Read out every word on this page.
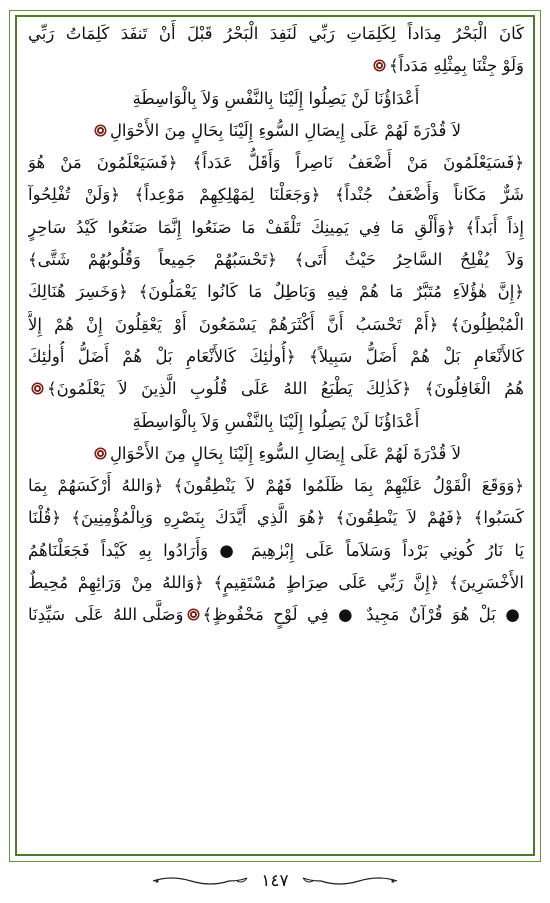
كَانَ الْبَحْرُ مِدَاداً لِكَلِمَاتِ رَبِّي لَنَفِدَ الْبَحْرُ قَبْلَ أَنْ تَنفَدَ كَلِمَاتُ رَبِّي
وَلَوْ جِئْنَا بِمِثْلِهِ مَدَداً﴾
أَعْدَاؤُنَا لَنْ يَصِلُوا إِلَيْنَا بِالنَّفْسِ وَلاَ بِالْوَاسِطَةِ
لاَ قُدْرَةَ لَهُمْ عَلَى إِيصَالِ السُّوءِ إِلَيْنَا بِحَالٍ مِنَ الأَحْوَالِ
﴿فَسَيَعْلَمُونَ مَنْ أَضْعَفُ نَاصِراً وَأَقَلُّ عَدَداً﴾ ﴿فَسَيَعْلَمُونَ مَنْ هُوَ
شَرٌّ مَكَاناً وَأَضْعَفُ جُنْداً﴾ ﴿وَجَعَلْنَا لِمَهْلِكِهِمْ مَوْعِداً﴾ ﴿وَلَنْ تُفْلِحُوآ
إِذاً أَبَداً﴾ ﴿وَأَلْقِ مَا فِي يَمِينِكَ تَلْقَفْ مَا صَنَعُوا إِنَّمَا صَنَعُوا كَيْدُ سَاحِرٍ
وَلاَ يُفْلِحُ السَّاحِرُ حَيْثُ أَتَى﴾ ﴿تَحْسَبُهُمْ جَمِيعاً وَقُلُوبُهُمْ شَتَّى﴾
﴿إِنَّ هٰؤُلاَءِ مُتَبَّرٌ مَا هُمْ فِيهِ وَبَاطِلٌ مَا كَانُوا يَعْمَلُونَ﴾ ﴿وَخَسِرَ هُنَالِكَ
الْمُبْطِلُونَ﴾ ﴿أَمْ تَحْسَبُ أَنَّ أَكْثَرَهُمْ يَسْمَعُونَ أَوْ يَعْقِلُونَ إِنْ هُمْ إِلاَّ
كَالأَنْعَامِ بَلْ هُمْ أَضَلُّ سَبِيلاً﴾ ﴿أُولٰئِكَ كَالأَنْعَامِ بَلْ هُمْ أَضَلُّ أُولٰئِكَ
هُمُ الْغَافِلُونَ﴾ ﴿كَذٰلِكَ يَطْبَعُ اللهُ عَلَى قُلُوبِ الَّذِينَ لاَ يَعْلَمُونَ﴾
أَعْدَاؤُنَا لَنْ يَصِلُوا إِلَيْنَا بِالنَّفْسِ وَلاَ بِالْوَاسِطَةِ
لاَ قُدْرَةَ لَهُمْ عَلَى إِيصَالِ السُّوءِ إِلَيْنَا بِحَالٍ مِنَ الأَحْوَالِ
﴿وَوَقَعَ الْقَوْلُ عَلَيْهِمْ بِمَا ظَلَمُوا فَهُمْ لاَ يَنْطِقُونَ﴾ ﴿وَاللهُ أَرْكَسَهُمْ بِمَا
كَسَبُوا﴾ ﴿فَهُمْ لاَ يَنْطِقُونَ﴾ ﴿هُوَ الَّذِي أَيَّدَكَ بِنَصْرِهِ وَبِالْمُؤْمِنِينَ﴾ ﴿قُلْنَا
يَا نَارُ كُونِي بَرْداً وَسَلاَماً عَلَى إِبْرٰهِيمَ ● وَأَرَادُوا بِهِ كَيْداً فَجَعَلْنَاهُمُ
الأَخْسَرِينَ﴾ ﴿إِنَّ رَبِّي عَلَى صِرَاطٍ مُسْتَقِيمٍ﴾ ﴿وَاللهُ مِنْ وَرَائِهِمْ مُحِيطٌ
● بَلْ هُوَ قُرْآنٌ مَجِيدٌ ● فِي لَوْحٍ مَحْفُوظٍ﴾وَصَلَّى اللهُ عَلَى سَيِّدِنَا
١٤٧
